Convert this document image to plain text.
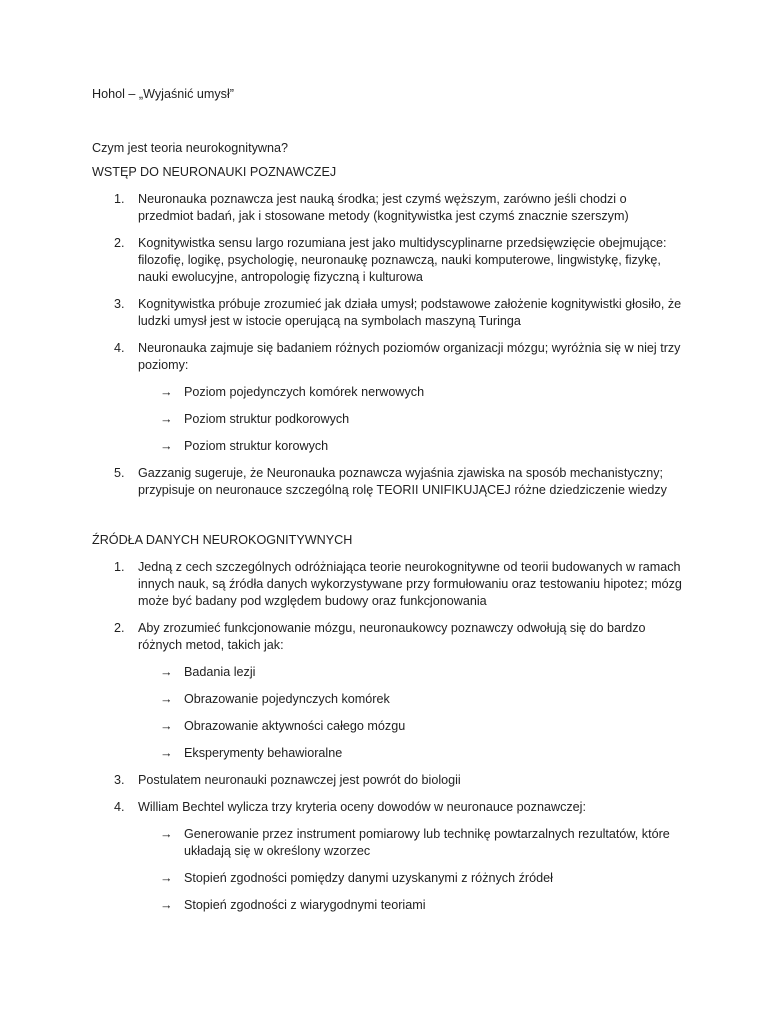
Hohol – „Wyjaśnić umysł”

Czym jest teoria neurokognitywna?

WSTĘP DO NEURONAUKI POZNAWCZEJ

1. Neuronauka poznawcza jest nauką środka; jest czymś węższym, zarówno jeśli chodzi o przedmiot badań, jak i stosowane metody (kognitywistka jest czymś znacznie szerszym)
2. Kognitywistka sensu largo rozumiana jest jako multidyscyplinarne przedsięwzięcie obejmujące: filozofię, logikę, psychologię, neuronaukę poznawczą, nauki komputerowe, lingwistykę, fizykę, nauki ewolucyjne, antropologię fizyczną i kulturowa
3. Kognitywistka próbuje zrozumieć jak działa umysł; podstawowe założenie kognitywistki głosiło, że ludzki umysł jest w istocie operującą na symbolach maszyną Turinga
4. Neuronauka zajmuje się badaniem różnych poziomów organizacji mózgu; wyróżnia się w niej trzy poziomy:
→ Poziom pojedynczych komórek nerwowych
→ Poziom struktur podkorowych
→ Poziom struktur korowych
5. Gazzanig sugeruje, że Neuronauka poznawcza wyjaśnia zjawiska na sposób mechanistyczny; przypisuje on neuronauce szczególną rolę TEORII UNIFIKUJĄCEJ różne dziedziczenie wiedzy

ŹRÓDŁA DANYCH NEUROKOGNITYWNYCH

1. Jedną z cech szczególnych odróżniająca teorie neurokognitywne od teorii budowanych w ramach innych nauk, są źródła danych wykorzystywane przy formułowaniu oraz testowaniu hipotez; mózg może być badany pod względem budowy oraz funkcjonowania
2. Aby zrozumieć funkcjonowanie mózgu, neuronaukowcy poznawczy odwołują się do bardzo różnych metod, takich jak:
→ Badania lezji
→ Obrazowanie pojedynczych komórek
→ Obrazowanie aktywności całego mózgu
→ Eksperymenty behawioralne
3. Postulatem neuronauki poznawczej jest powrót do biologii
4. William Bechtel wylicza trzy kryteria oceny dowodów w neuronauce poznawczej:
→ Generowanie przez instrument pomiarowy lub technikę powtarzalnych rezultatów, które układają się w określony wzorzec
→ Stopień zgodności pomiędzy danymi uzyskanymi z różnych źródeł
→ Stopień zgodności z wiarygodnymi teoriami
